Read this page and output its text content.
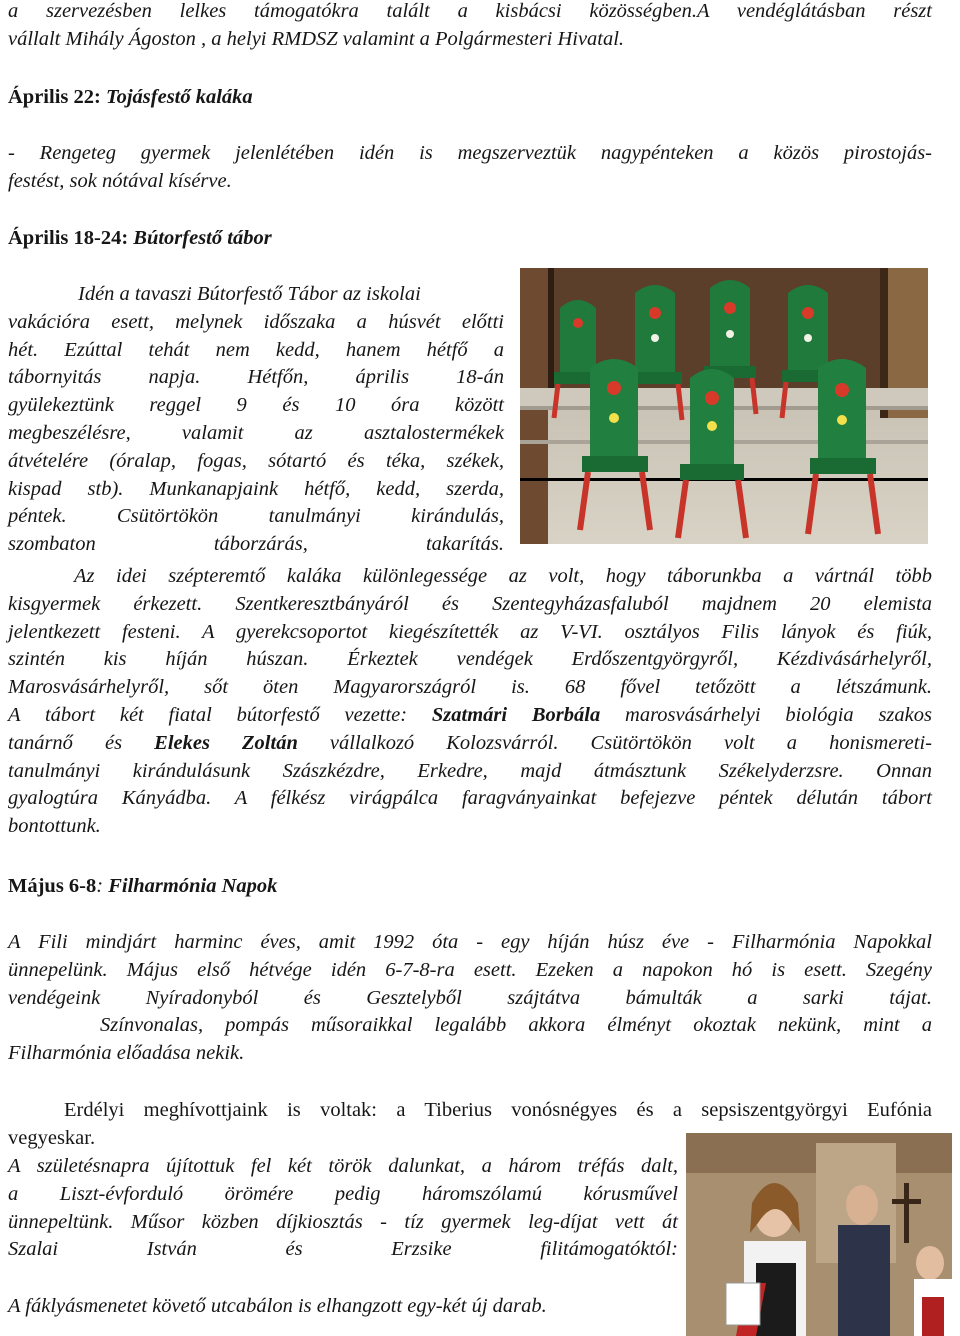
a szervezésben lelkes támogatókra talált a kisbácsi közösségben.A vendéglátásban részt
vállalt Mihály Ágoston , a helyi RMDSZ valamint a Polgármesteri Hivatal.
Április 22: Tojásfestő kaláka
- Rengeteg gyermek jelenlétében idén is megszerveztük nagypénteken a közös pirostojás-
festést, sok nótával kísérve.
Április 18-24: Bútorfestő tábor
Idén a tavaszi Bútorfestő Tábor az iskolai
vakációra esett, melynek időszaka a húsvét előtti
hét. Ezúttal tehát nem kedd, hanem hétfő a
tábornyitás napja. Hétfőn, április 18-án
gyülekeztünk reggel 9 és 10 óra között
megbeszélésre, valamit az asztalostermékek
átvételére (óralap, fogas, sótartó és téka, székek,
kispad stb). Munkanapjaink hétfő, kedd, szerda,
péntek. Csütörtökön tanulmányi kirándulás,
szombaton táborzárás, takarítás.
Az idei szépteremtő kaláka különlegessége az volt, hogy táborunkba a vártnál több
kisgyermek érkezett. Szentkeresztbányáról és Szentegyházasfaluból majdnem 20 elemista
jelentkezett festeni. A gyerekcsoportot kiegészítették az V-VI. osztályos Filis lányok és fiúk,
szintén kis híján húszan. Érkeztek vendégek Erdőszentgyörgyről, Kézdivásárhelyről,
Marosvásárhelyről, sőt öten Magyarországról is. 68 fővel tetőzött a létszámunk.
A tábort két fiatal bútorfestő vezette: Szatmári Borbála marosvásárhelyi biológia szakos
tanárnő és Elekes Zoltán vállalkozó Kolozsvárról. Csütörtökön volt a honismereti-
tanulmányi kirándulásunk Szászkézdre, Erkedre, majd átmásztunk Székelyderzsre. Onnan
gyalogtúra Kányádba. A félkész virágpálca faragványainkat befejezve péntek délután tábort
bontottunk.
Május 6-8: Filharmónia Napok
A Fili mindjárt harminc éves, amit 1992 óta - egy híján húsz éve - Filharmónia Napokkal
ünnepelünk. Május első hétvége idén 6-7-8-ra esett. Ezeken a napokon hó is esett. Szegény
vendégeink Nyíradonyból és Gesztelyből szájtátva bámulták a sarki tájat.
Színvonalas, pompás műsoraikkal legalább akkora élményt okoztak nekünk, mint a
Filharmónia előadása nekik.
Erdélyi meghívottjaink is voltak: a Tiberius vonósnégyes és a sepsiszentgyörgyi Eufónia
vegyeskar.
A születésnapra újítottuk fel két török dalunkat, a három tréfás dalt,
a Liszt-évforduló örömére pedig háromszólamú kórusművel
ünnepeltünk. Műsor közben díjkiosztás - tíz gyermek leg-díjat vett át
Szalai István és Erzsike filitámogatóktól:
A fáklyásmenetet követő utcabálon is elhangzott egy-két új darab.
